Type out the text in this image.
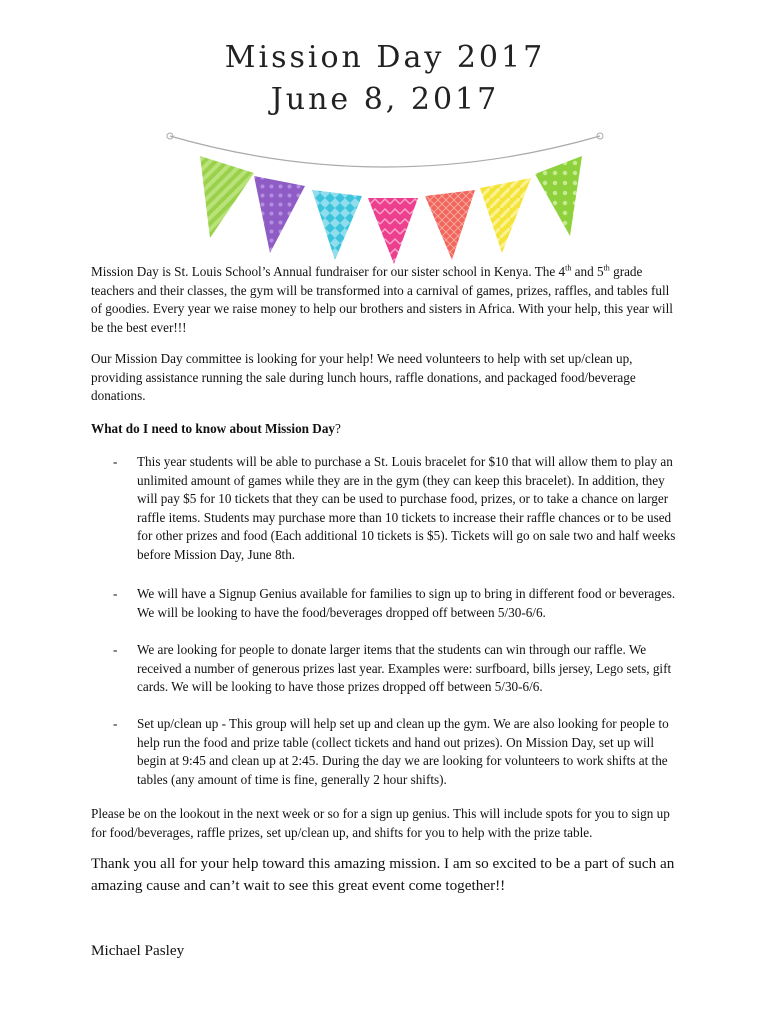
Mission Day 2017
June 8, 2017
Mission Day is St. Louis School’s Annual fundraiser for our sister school in Kenya. The 4th and 5th grade teachers and their classes, the gym will be transformed into a carnival of games, prizes, raffles, and tables full of goodies. Every year we raise money to help our brothers and sisters in Africa. With your help, this year will be the best ever!!!
Our Mission Day committee is looking for your help! We need volunteers to help with set up/clean up, providing assistance running the sale during lunch hours, raffle donations, and packaged food/beverage donations.
What do I need to know about Mission Day?
- This year students will be able to purchase a St. Louis bracelet for $10 that will allow them to play an unlimited amount of games while they are in the gym (they can keep this bracelet). In addition, they will pay $5 for 10 tickets that they can be used to purchase food, prizes, or to take a chance on larger raffle items. Students may purchase more than 10 tickets to increase their raffle chances or to be used for other prizes and food (Each additional 10 tickets is $5). Tickets will go on sale two and half weeks before Mission Day, June 8th.
- We will have a Signup Genius available for families to sign up to bring in different food or beverages. We will be looking to have the food/beverages dropped off between 5/30-6/6.
- We are looking for people to donate larger items that the students can win through our raffle. We received a number of generous prizes last year. Examples were: surfboard, bills jersey, Lego sets, gift cards. We will be looking to have those prizes dropped off between 5/30-6/6.
- Set up/clean up - This group will help set up and clean up the gym. We are also looking for people to help run the food and prize table (collect tickets and hand out prizes). On Mission Day, set up will begin at 9:45 and clean up at 2:45. During the day we are looking for volunteers to work shifts at the tables (any amount of time is fine, generally 2 hour shifts).
Please be on the lookout in the next week or so for a sign up genius. This will include spots for you to sign up for food/beverages, raffle prizes, set up/clean up, and shifts for you to help with the prize table.
Thank you all for your help toward this amazing mission. I am so excited to be a part of such an amazing cause and can’t wait to see this great event come together!!
Michael Pasley
